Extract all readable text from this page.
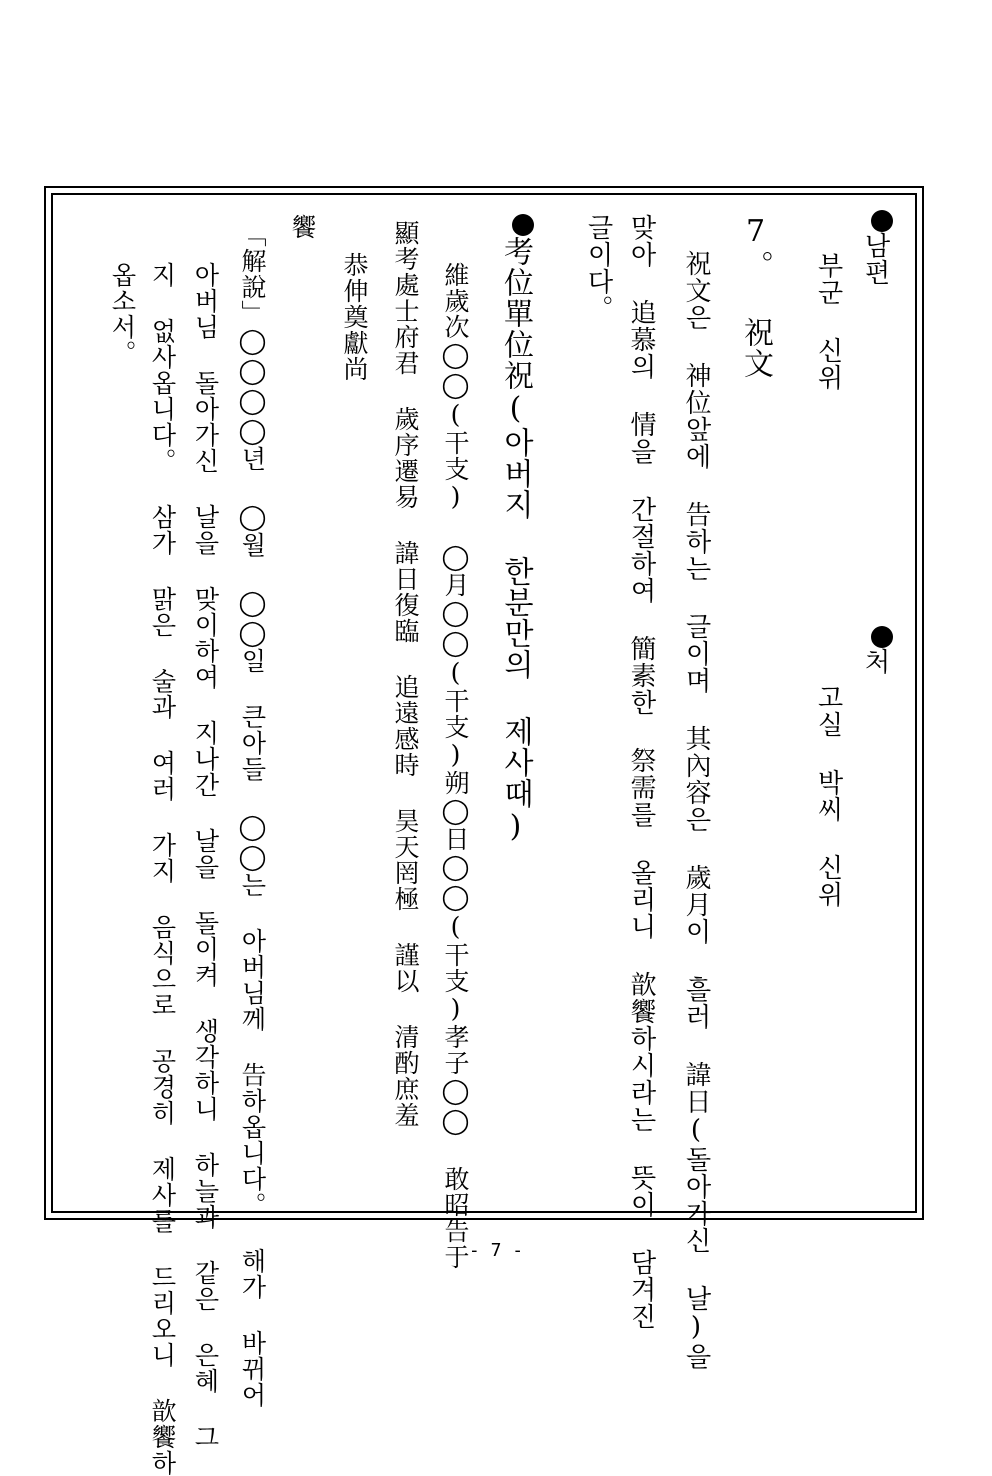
남편
부군 신위
처
고실 박씨 신위
7。 祝文
祝文은 神位앞에 告하는 글이며 其內容은 歲月이 흘러 諱日(돌아가신 날)을
맞아 追慕의 情을 간절하여 簡素한 祭需를 올리니 歆饗하시라는 뜻이 담겨진
글이다。
考位單位祝(아버지 한분만의 제사때)
維歲次◯◯(干支) ◯月◯◯(干支)朔◯日◯◯(干支)孝子◯◯ 敢昭告于
顯考處士府君 歲序遷易 諱日復臨 追遠感時 昊天罔極 謹以 清酌庶羞
恭伸奠獻尚
饗
「解說」◯◯◯◯년 ◯월 ◯◯일 큰아들 ◯◯는 아버님께 告하옵니다。 해가 바뀌어
아버님 돌아가신 날을 맞이하여 지나간 날을 돌이켜 생각하니 하늘과 같은 은혜 그
지 없사옵니다。 삼가 맑은 술과 여러 가지 음식으로 공경히 제사를 드리오니 歆饗하
옵소서。
- 7 -
